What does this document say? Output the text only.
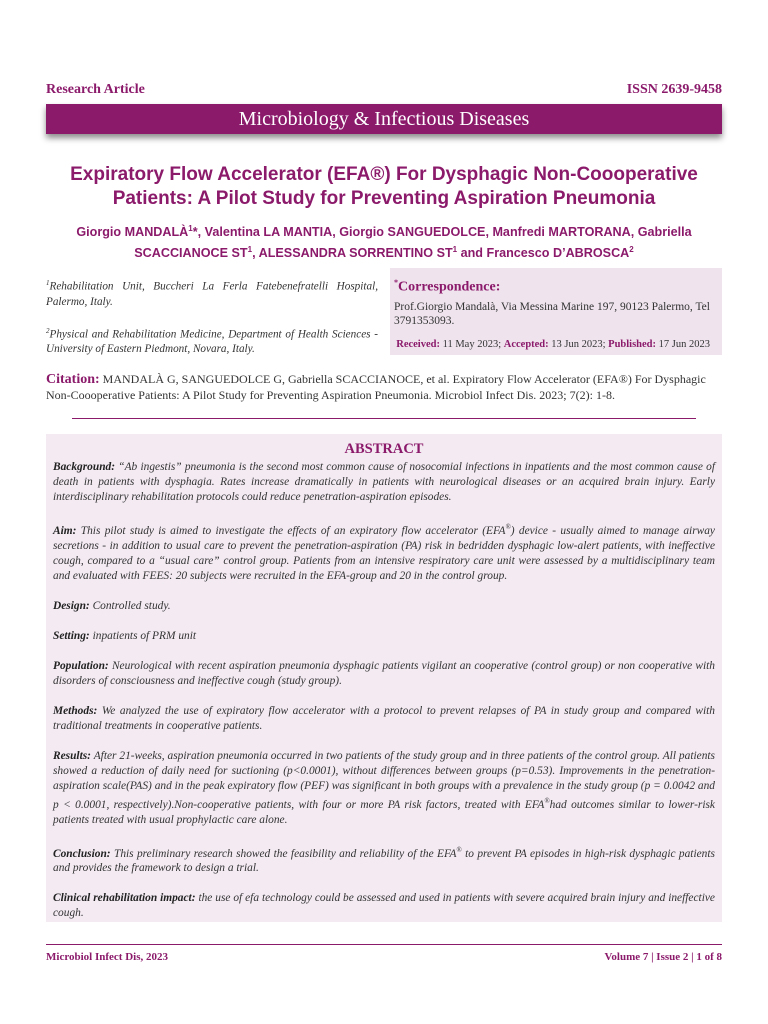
Research Article	ISSN 2639-9458
Microbiology & Infectious Diseases
Expiratory Flow Accelerator (EFA®) For Dysphagic Non-Coooperative
Patients: A Pilot Study for Preventing Aspiration Pneumonia
Giorgio MANDALÀ$^1$*, Valentina LA MANTIA, Giorgio SANGUEDOLCE, Manfredi MARTORANA, Gabriella
SCACCIANOCE $ST^1$, ALESSANDRA SORRENTINO $ST^1$ and Francesco D’ABROSCA$^2$

$^1$Rehabilitation Unit, Buccheri La Ferla Fatebenefratelli Hospital, Palermo, Italy.

$^2$Physical and Rehabilitation Medicine, Department of Health Sciences - University of Eastern Piedmont, Novara, Italy.

*Correspondence:
Prof.Giorgio Mandalà, Via Messina Marine 197, 90123 Palermo, Tel 3791353093.
Received: 11 May 2023; Accepted: 13 Jun 2023; Published: 17 Jun 2023
Citation: MANDALÀ G, SANGUEDOLCE G, Gabriella SCACCIANOCE, et al. Expiratory Flow Accelerator (EFA®) For Dysphagic Non-Coooperative Patients: A Pilot Study for Preventing Aspiration Pneumonia. Microbiol Infect Dis. 2023; 7(2): 1-8.
ABSTRACT

Background: “Ab ingestis” pneumonia is the second most common cause of nosocomial infections in inpatients and the most common cause of death in patients with dysphagia. Rates increase dramatically in patients with neurological diseases or an acquired brain injury. Early interdisciplinary rehabilitation protocols could reduce penetration-aspiration episodes.

Aim: This pilot study is aimed to investigate the effects of an expiratory flow accelerator (EFA®) device - usually aimed to manage airway secretions - in addition to usual care to prevent the penetration-aspiration (PA) risk in bedridden dysphagic low-alert patients, with ineffective cough, compared to a “usual care” control group. Patients from an intensive respiratory care unit were assessed by a multidisciplinary team and evaluated with FEES: 20 subjects were recruited in the EFA-group and 20 in the control group.

Design: Controlled study.

Setting: inpatients of PRM unit

Population: Neurological with recent aspiration pneumonia dysphagic patients vigilant an cooperative (control group) or non cooperative with disorders of consciousness and ineffective cough (study group).

Methods: We analyzed the use of expiratory flow accelerator with a protocol to prevent relapses of PA in study group and compared with traditional treatments in cooperative patients.

Results: After 21-weeks, aspiration pneumonia occurred in two patients of the study group and in three patients of the control group. All patients showed a reduction of daily need for suctioning (p<0.0001), without differences between groups (p=0.53). Improvements in the penetration-aspiration scale(PAS) and in the peak expiratory flow (PEF) was significant in both groups with a prevalence in the study group (p = 0.0042 and p < 0.0001, respectively).Non-cooperative patients, with four or more PA risk factors, treated with EFA®had outcomes similar to lower-risk patients treated with usual prophylactic care alone.

Conclusion: This preliminary research showed the feasibility and reliability of the EFA® to prevent PA episodes in high-risk dysphagic patients and provides the framework to design a trial.

Clinical rehabilitation impact: the use of efa technology could be assessed and used in patients with severe acquired brain injury and ineffective cough.

Microbiol Infect Dis, 2023	Volume 7 | Issue 2 | 1 of 8
